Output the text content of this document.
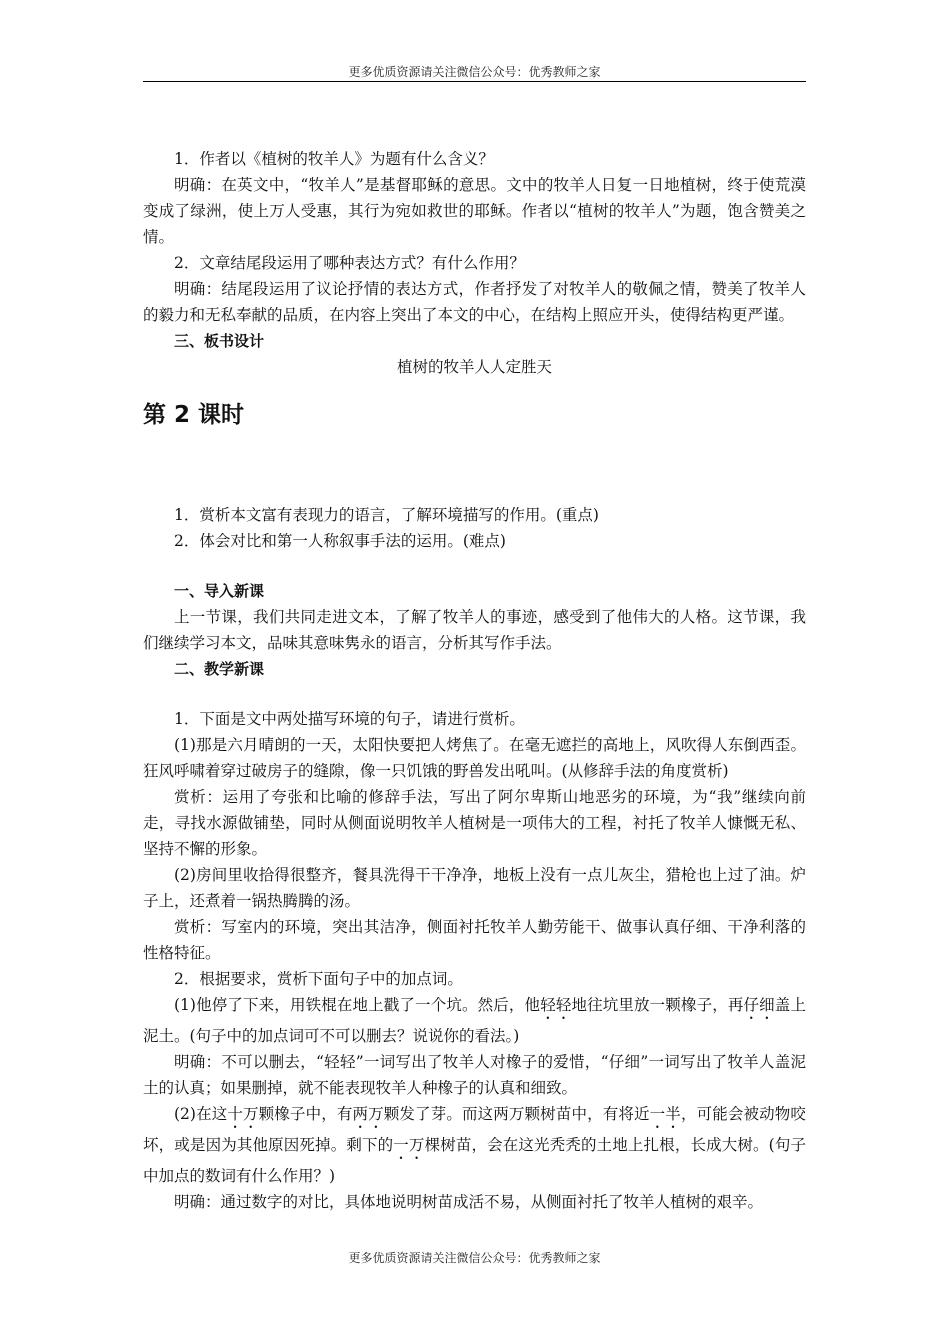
更多优质资源请关注微信公众号：优秀教师之家

1．作者以《植树的牧羊人》为题有什么含义？

明确：在英文中，“牧羊人”是基督耶稣的意思。文中的牧羊人日复一日地植树，终于使荒漠变成了绿洲，使上万人受惠，其行为宛如救世的耶稣。作者以“植树的牧羊人”为题，饱含赞美之情。

2．文章结尾段运用了哪种表达方式？有什么作用？

明确：结尾段运用了议论抒情的表达方式，作者抒发了对牧羊人的敬佩之情，赞美了牧羊人的毅力和无私奉献的品质，在内容上突出了本文的中心，在结构上照应开头，使得结构更严谨。

三、板书设计

植树的牧羊人人定胜天

第 2 课时

1．赏析本文富有表现力的语言，了解环境描写的作用。(重点)

2．体会对比和第一人称叙事手法的运用。(难点)

一、导入新课

上一节课，我们共同走进文本，了解了牧羊人的事迹，感受到了他伟大的人格。这节课，我们继续学习本文，品味其意味隽永的语言，分析其写作手法。

二、教学新课

1．下面是文中两处描写环境的句子，请进行赏析。

(1)那是六月晴朗的一天，太阳快要把人烤焦了。在毫无遮拦的高地上，风吹得人东倒西歪。狂风呼啸着穿过破房子的缝隙，像一只饥饿的野兽发出吼叫。(从修辞手法的角度赏析)

赏析：运用了夸张和比喻的修辞手法，写出了阿尔卑斯山地恶劣的环境，为“我”继续向前走，寻找水源做铺垫，同时从侧面说明牧羊人植树是一项伟大的工程，衬托了牧羊人慷慨无私、坚持不懈的形象。

(2)房间里收拾得很整齐，餐具洗得干干净净，地板上没有一点儿灰尘，猎枪也上过了油。炉子上，还煮着一锅热腾腾的汤。

赏析：写室内的环境，突出其洁净，侧面衬托牧羊人勤劳能干、做事认真仔细、干净利落的性格特征。

2．根据要求，赏析下面句子中的加点词。

(1)他停了下来，用铁棍在地上戳了一个坑。然后，他轻轻地往坑里放一颗橡子，再仔细盖上泥土。(句子中的加点词可不可以删去？说说你的看法。)

明确：不可以删去，“轻轻”一词写出了牧羊人对橡子的爱惜，“仔细”一词写出了牧羊人盖泥土的认真；如果删掉，就不能表现牧羊人种橡子的认真和细致。

(2)在这十万颗橡子中，有两万颗发了芽。而这两万颗树苗中，有将近一半，可能会被动物咬坏，或是因为其他原因死掉。剩下的一万棵树苗，会在这光秃秃的土地上扎根，长成大树。(句子中加点的数词有什么作用？)

明确：通过数字的对比，具体地说明树苗成活不易，从侧面衬托了牧羊人植树的艰辛。

更多优质资源请关注微信公众号：优秀教师之家
